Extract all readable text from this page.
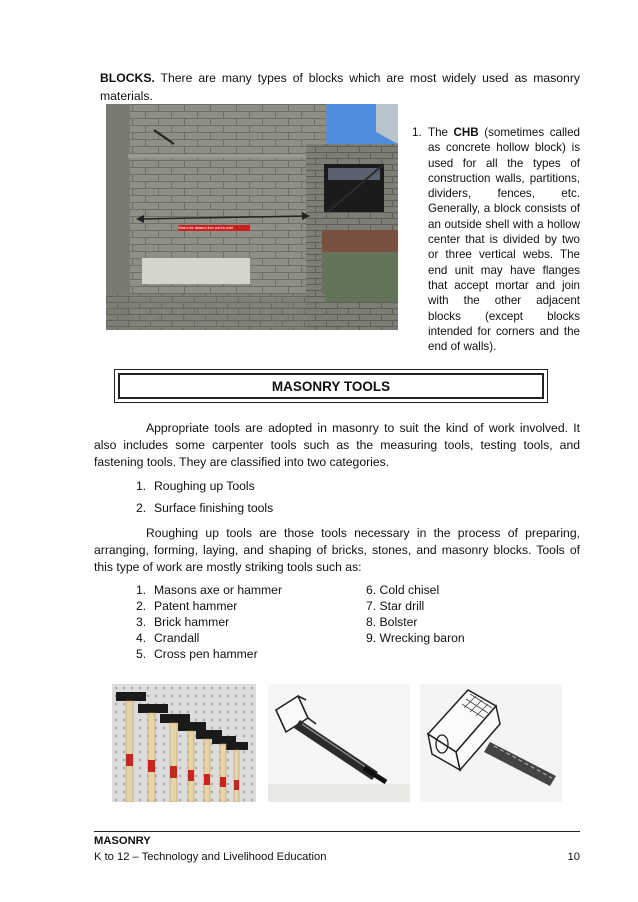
BLOCKS. There are many types of blocks which are most widely used as masonry materials.
What is the distance from point to point
1. The CHB (sometimes called as concrete hollow block) is used for all the types of construction walls, partitions, dividers, fences, etc. Generally, a block consists of an outside shell with a hollow center that is divided by two or three vertical webs. The end unit may have flanges that accept mortar and join with the other adjacent blocks (except blocks intended for corners and the end of walls).
MASONRY TOOLS
Appropriate tools are adopted in masonry to suit the kind of work involved. It also includes some carpenter tools such as the measuring tools, testing tools, and fastening tools. They are classified into two categories.
1. Roughing up Tools
2. Surface finishing tools
Roughing up tools are those tools necessary in the process of preparing, arranging, forming, laying, and shaping of bricks, stones, and masonry blocks. Tools of this type of work are mostly striking tools such as:
1. Masons axe or hammer
2. Patent hammer
3. Brick hammer
4. Crandall
5. Cross pen hammer
6. Cold chisel
7. Star drill
8. Bolster
9. Wrecking baron
MASONRY
K to 12 – Technology and Livelihood Education	10
